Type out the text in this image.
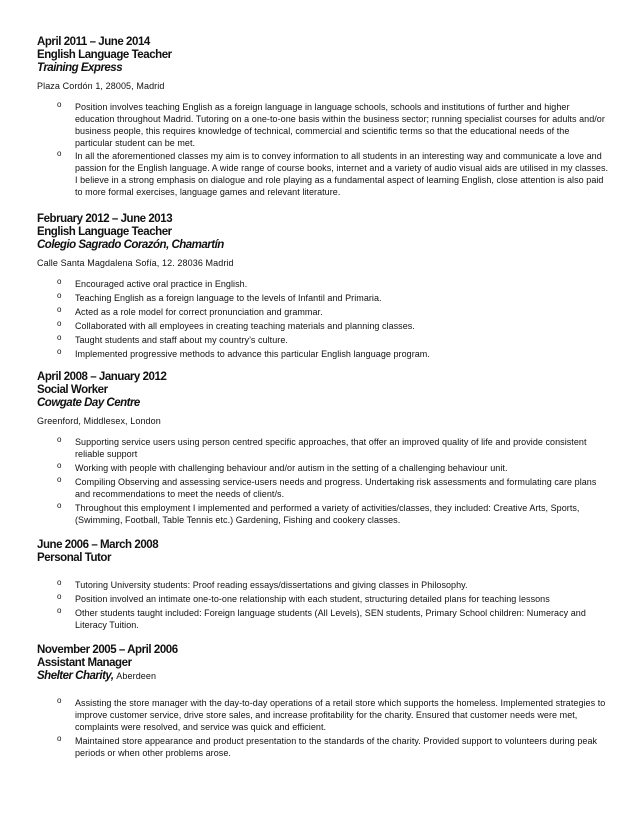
April 2011 – June 2014
English Language Teacher
Training Express
Plaza Cordón 1, 28005, Madrid
o Position involves teaching English as a foreign language in language schools, schools and institutions of further and higher education throughout Madrid. Tutoring on a one-to-one basis within the business sector; running specialist courses for adults and/or business people, this requires knowledge of technical, commercial and scientific terms so that the educational needs of the particular student can be met.
o In all the aforementioned classes my aim is to convey information to all students in an interesting way and communicate a love and passion for the English language. A wide range of course books, internet and a variety of audio visual aids are utilised in my classes. I believe in a strong emphasis on dialogue and role playing as a fundamental aspect of learning English, close attention is also paid to more formal exercises, language games and relevant literature.
February 2012 – June 2013
English Language Teacher
Colegio Sagrado Corazón, Chamartín
Calle Santa Magdalena Sofía, 12. 28036 Madrid
o Encouraged active oral practice in English.
o Teaching English as a foreign language to the levels of Infantil and Primaria.
o Acted as a role model for correct pronunciation and grammar.
o Collaborated with all employees in creating teaching materials and planning classes.
o Taught students and staff about my country’s culture.
o Implemented progressive methods to advance this particular English language program.
April 2008 – January 2012
Social Worker
Cowgate Day Centre
Greenford, Middlesex, London
o Supporting service users using person centred specific approaches, that offer an improved quality of life and provide consistent reliable support
o Working with people with challenging behaviour and/or autism in the setting of a challenging behaviour unit.
o Compiling Observing and assessing service-users needs and progress. Undertaking risk assessments and formulating care plans and recommendations to meet the needs of client/s.
o Throughout this employment I implemented and performed a variety of activities/classes, they included: Creative Arts, Sports, (Swimming, Football, Table Tennis etc.) Gardening, Fishing and cookery classes.
June 2006 – March 2008
Personal Tutor
o Tutoring University students: Proof reading essays/dissertations and giving classes in Philosophy.
o Position involved an intimate one-to-one relationship with each student, structuring detailed plans for teaching lessons
o Other students taught included: Foreign language students (All Levels), SEN students, Primary School children: Numeracy and Literacy Tuition.
November 2005 – April 2006
Assistant Manager
Shelter Charity, Aberdeen
o Assisting the store manager with the day-to-day operations of a retail store which supports the homeless. Implemented strategies to improve customer service, drive store sales, and increase profitability for the charity. Ensured that customer needs were met, complaints were resolved, and service was quick and efficient.
o Maintained store appearance and product presentation to the standards of the charity. Provided support to volunteers during peak periods or when other problems arose.
